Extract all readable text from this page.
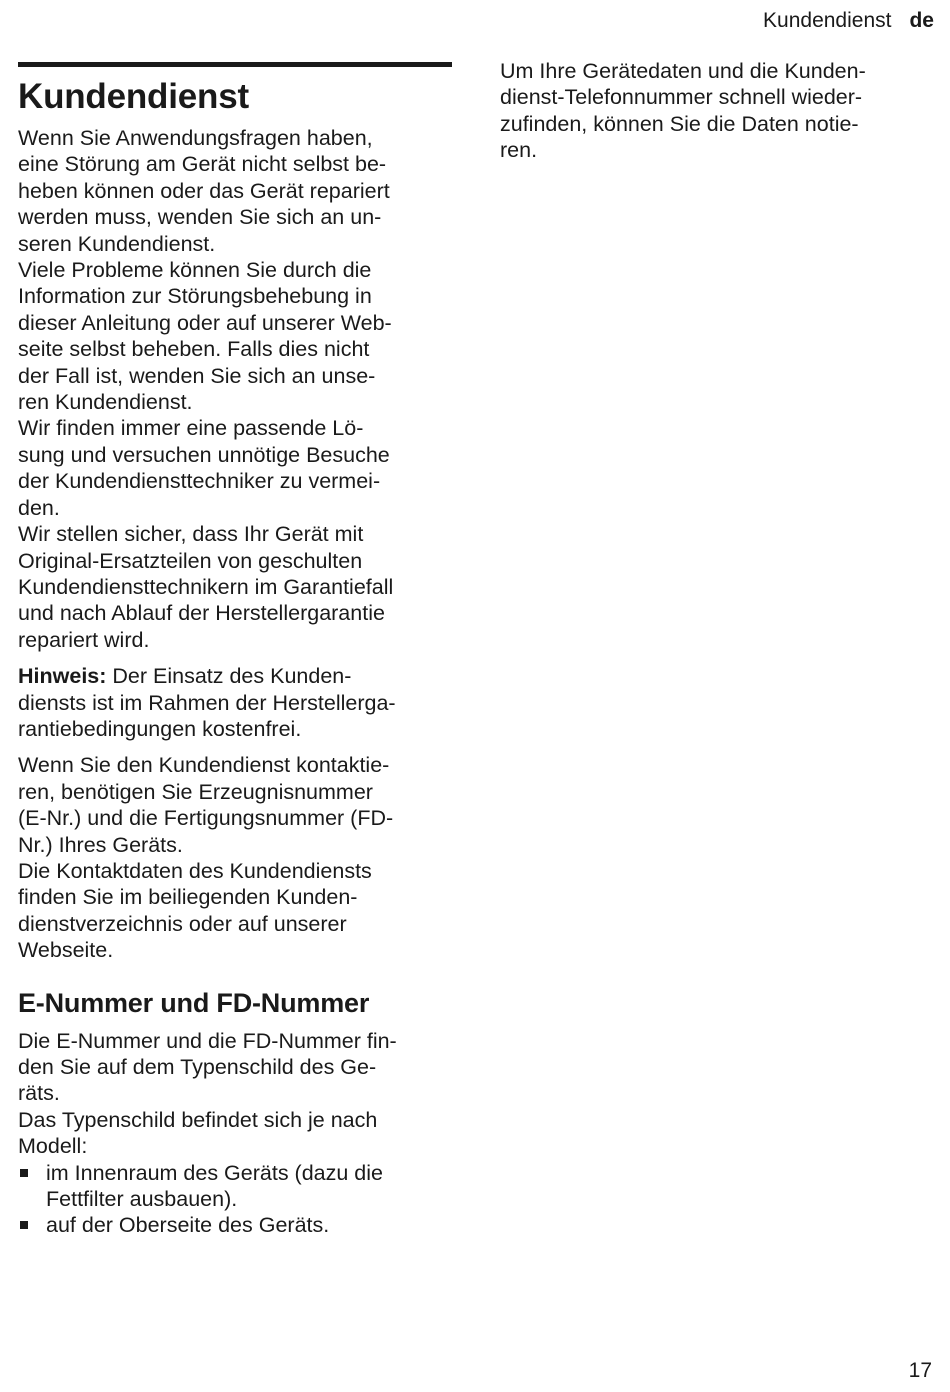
Kundendienst de
Kundendienst
Wenn Sie Anwendungsfragen haben,
eine Störung am Gerät nicht selbst be-
heben können oder das Gerät repariert
werden muss, wenden Sie sich an un-
seren Kundendienst.
Viele Probleme können Sie durch die
Information zur Störungsbehebung in
dieser Anleitung oder auf unserer Web-
seite selbst beheben. Falls dies nicht
der Fall ist, wenden Sie sich an unse-
ren Kundendienst.
Wir finden immer eine passende Lö-
sung und versuchen unnötige Besuche
der Kundendiensttechniker zu vermei-
den.
Wir stellen sicher, dass Ihr Gerät mit
Original-Ersatzteilen von geschulten
Kundendiensttechnikern im Garantiefall
und nach Ablauf der Herstellergarantie
repariert wird.
Hinweis: Der Einsatz des Kunden-
diensts ist im Rahmen der Herstellerga-
rantiebedingungen kostenfrei.
Wenn Sie den Kundendienst kontaktie-
ren, benötigen Sie Erzeugnisnummer
(E-Nr.) und die Fertigungsnummer (FD-
Nr.) Ihres Geräts.
Die Kontaktdaten des Kundendiensts
finden Sie im beiliegenden Kunden-
dienstverzeichnis oder auf unserer
Webseite.
E-Nummer und FD-Nummer
Die E-Nummer und die FD-Nummer fin-
den Sie auf dem Typenschild des Ge-
räts.
Das Typenschild befindet sich je nach
Modell:
im Innenraum des Geräts (dazu die
Fettfilter ausbauen).
auf der Oberseite des Geräts.
Um Ihre Gerätedaten und die Kunden-
dienst-Telefonnummer schnell wieder-
zufinden, können Sie die Daten notie-
ren.
17
